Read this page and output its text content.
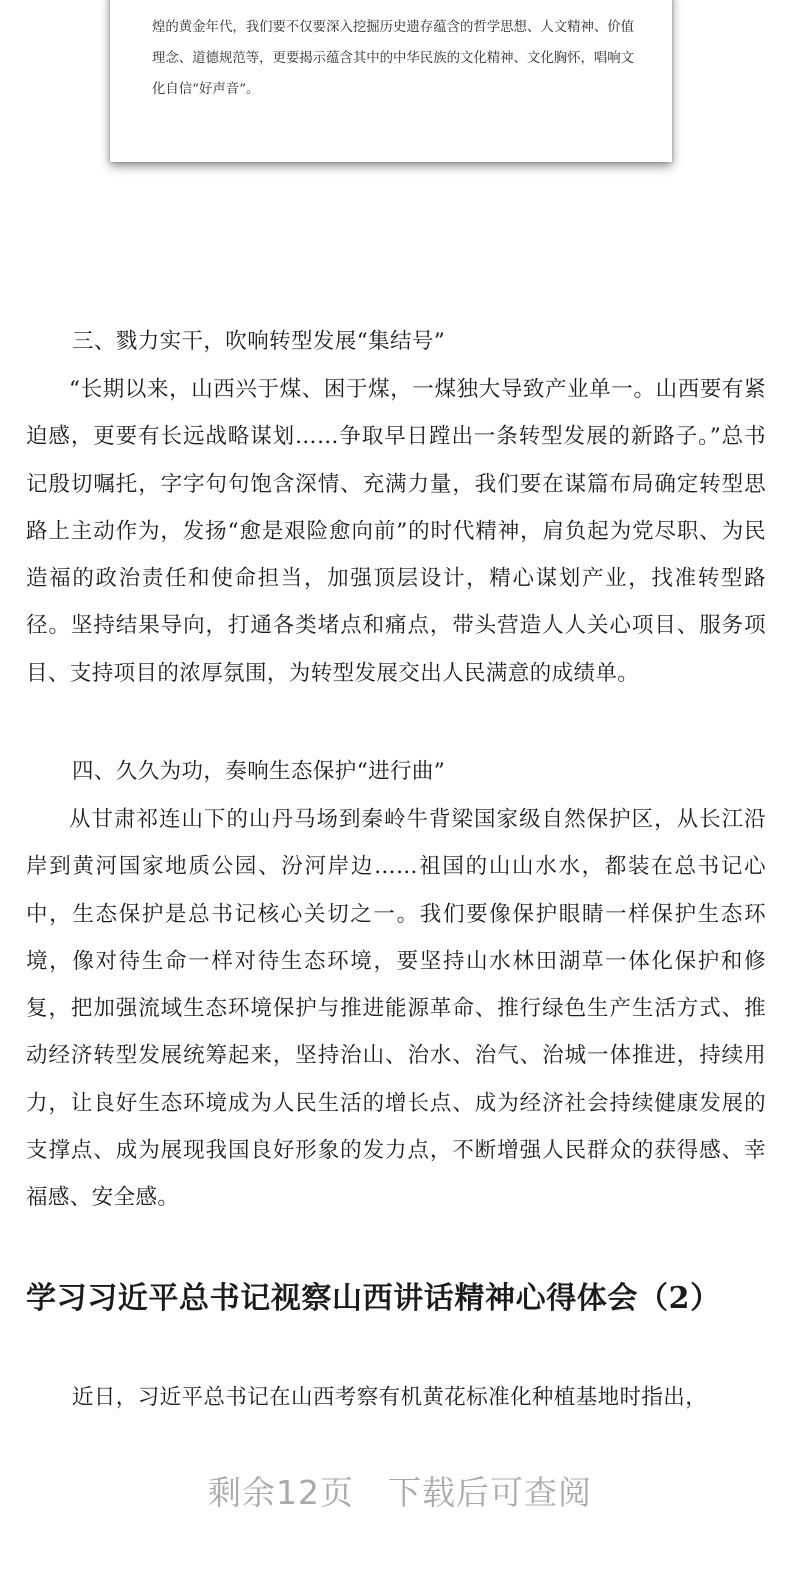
煌的黄金年代，我们要不仅要深入挖掘历史遗存蕴含的哲学思想、人文精神、价值理念、道德规范等，更要揭示蕴含其中的中华民族的文化精神、文化胸怀，唱响文化自信“好声音”。

三、戮力实干，吹响转型发展“集结号”

“长期以来，山西兴于煤、困于煤，一煤独大导致产业单一。山西要有紧迫感，更要有长远战略谋划……争取早日蹚出一条转型发展的新路子。”总书记殷切嘱托，字字句句饱含深情、充满力量，我们要在谋篇布局确定转型思路上主动作为，发扬“愈是艰险愈向前”的时代精神，肩负起为党尽职、为民造福的政治责任和使命担当，加强顶层设计，精心谋划产业，找准转型路径。坚持结果导向，打通各类堵点和痛点，带头营造人人关心项目、服务项目、支持项目的浓厚氛围，为转型发展交出人民满意的成绩单。

四、久久为功，奏响生态保护“进行曲”

从甘肃祁连山下的山丹马场到秦岭牛背梁国家级自然保护区，从长江沿岸到黄河国家地质公园、汾河岸边……祖国的山山水水，都装在总书记心中，生态保护是总书记核心关切之一。我们要像保护眼睛一样保护生态环境，像对待生命一样对待生态环境，要坚持山水林田湖草一体化保护和修复，把加强流域生态环境保护与推进能源革命、推行绿色生产生活方式、推动经济转型发展统筹起来，坚持治山、治水、治气、治城一体推进，持续用力，让良好生态环境成为人民生活的增长点、成为经济社会持续健康发展的支撑点、成为展现我国良好形象的发力点，不断增强人民群众的获得感、幸福感、安全感。

学习习近平总书记视察山西讲话精神心得体会（2）

近日，习近平总书记在山西考察有机黄花标准化种植基地时指出，

剩余12页 下载后可查阅
